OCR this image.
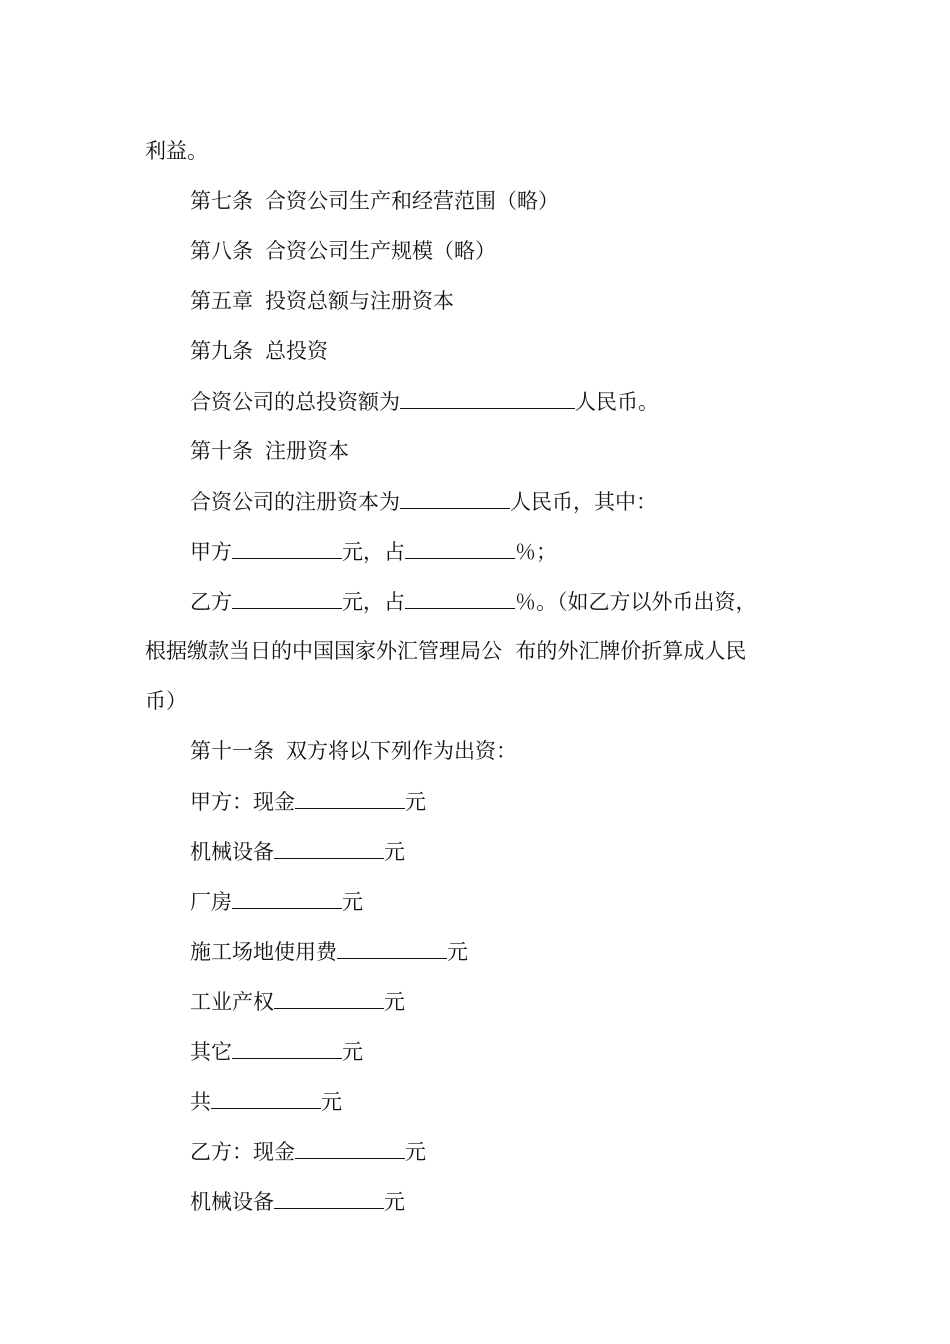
利益。
第七条 合资公司生产和经营范围（略）
第八条 合资公司生产规模（略）
第五章 投资总额与注册资本
第九条 总投资
合资公司的总投资额为	人民币。
第十条 注册资本
合资公司的注册资本为	人民币，其中：
甲方	元，占	％；
乙方	元，占	％。（如乙方以外币出资，
根据缴款当日的中国国家外汇管理局公  布的外汇牌价折算成人民
币）
第十一条 双方将以下列作为出资：
甲方：现金	元
机械设备	元
厂房	元
施工场地使用费	元
工业产权	元
其它	元
共	元
乙方：现金	元
机械设备	元
